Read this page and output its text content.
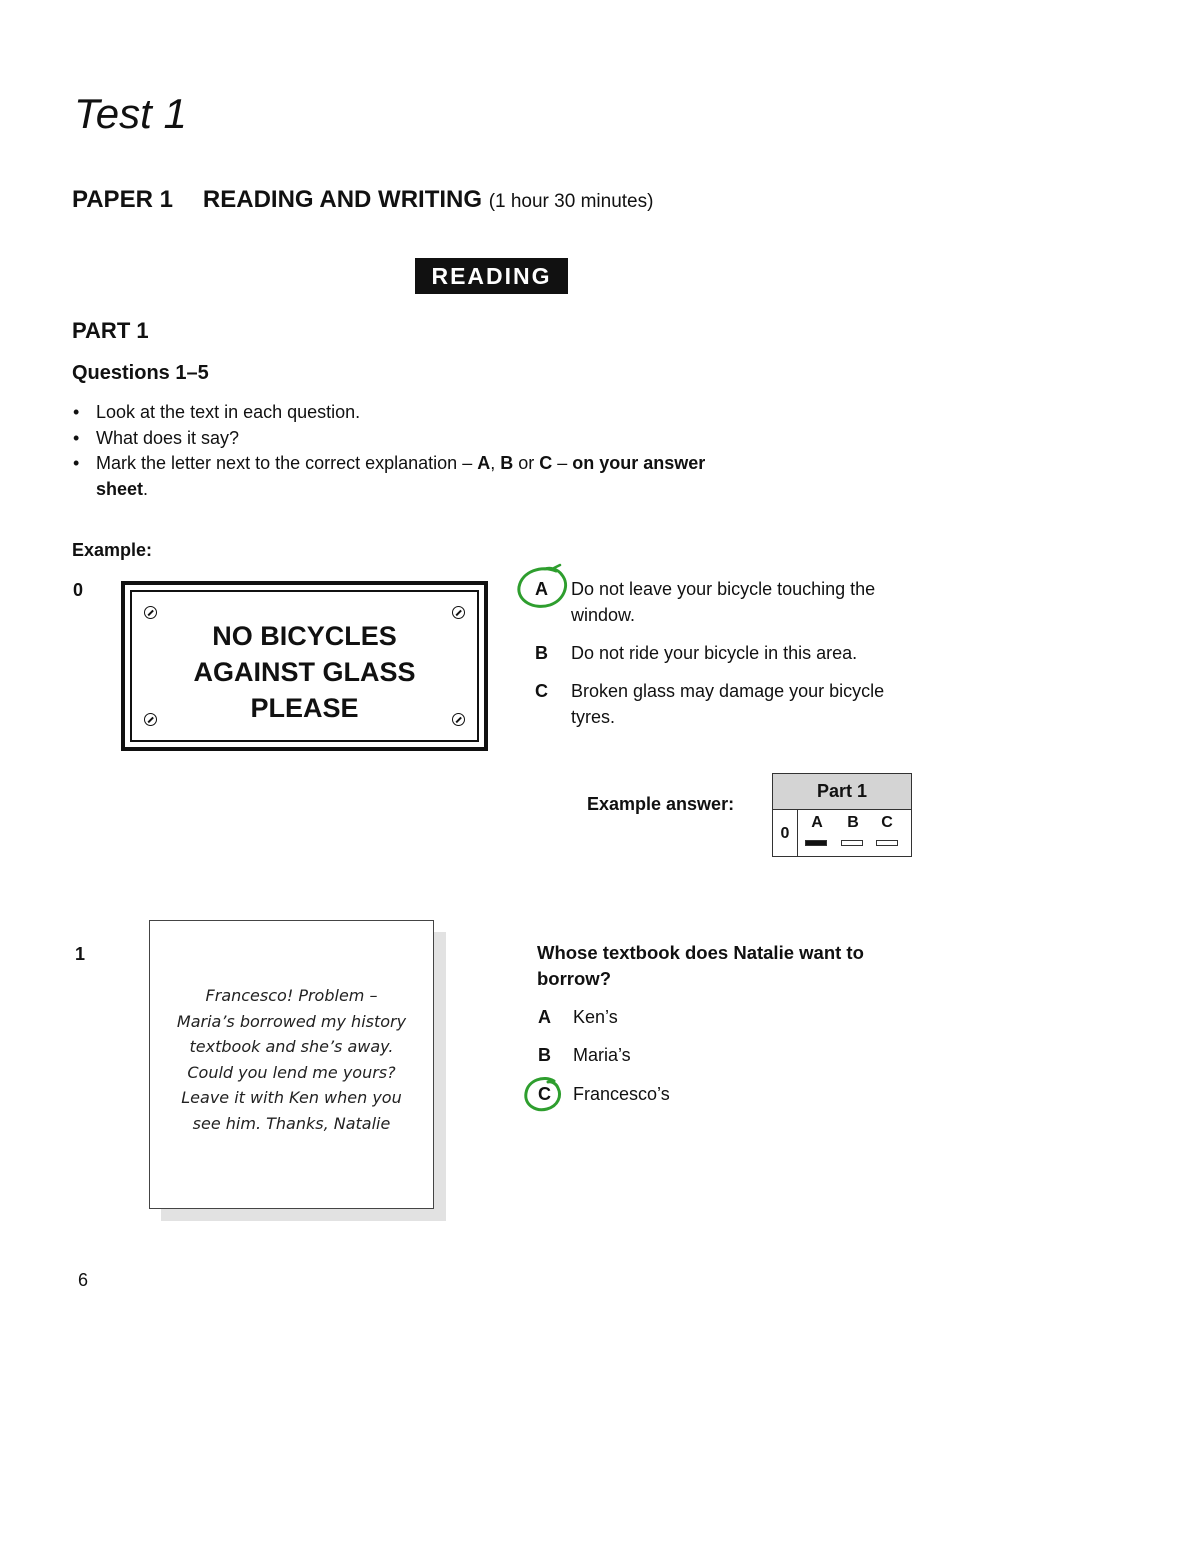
Test 1
PAPER 1 READING AND WRITING (1 hour 30 minutes)
READING
PART 1
Questions 1–5
• Look at the text in each question.
• What does it say?
• Mark the letter next to the correct explanation – A, B or C – on your answer sheet.
Example:
0
NO BICYCLES
AGAINST GLASS
PLEASE
A Do not leave your bicycle touching the
window.
B Do not ride your bicycle in this area.
C Broken glass may damage your bicycle
tyres.
Example answer:
Part 1
0
A	B	C
1
Francesco! Problem –
Maria’s borrowed my history
textbook and she’s away.
Could you lend me yours?
Leave it with Ken when you
see him. Thanks, Natalie

Whose textbook does Natalie want to
borrow?

A Ken’s
B Maria’s
C Francesco’s
6
